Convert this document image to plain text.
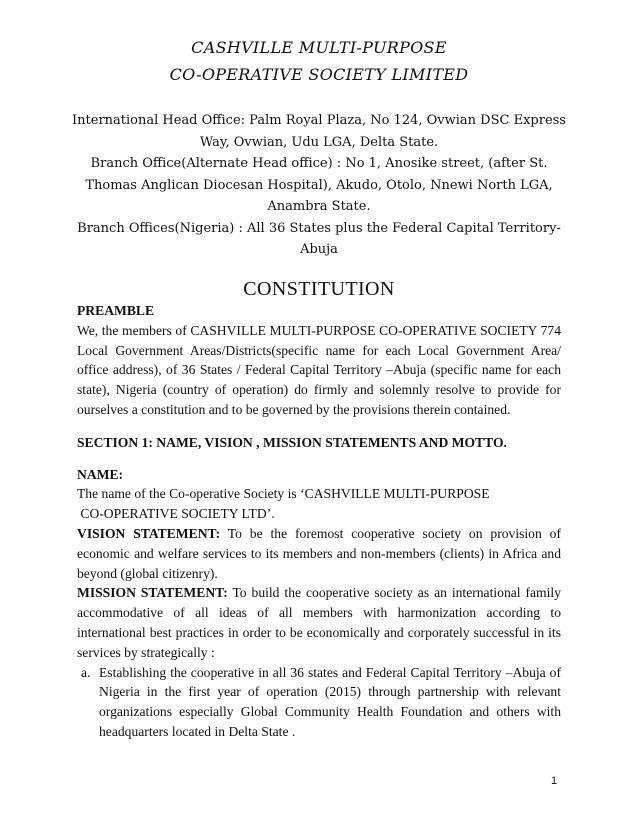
CASHVILLE MULTI-PURPOSE
CO-OPERATIVE SOCIETY LIMITED

International Head Office: Palm Royal Plaza, No 124, Ovwian DSC Express Way, Ovwian, Udu LGA, Delta State.

Branch Office(Alternate Head office) : No 1, Anosike street, (after St. Thomas Anglican Diocesan Hospital), Akudo, Otolo, Nnewi North LGA, Anambra State.

Branch Offices(Nigeria) : All 36 States plus the Federal Capital Territory-Abuja

CONSTITUTION

PREAMBLE

We, the members of CASHVILLE MULTI-PURPOSE CO-OPERATIVE SOCIETY 774 Local Government Areas/Districts(specific name for each Local Government Area/ office address), of 36 States / Federal Capital Territory –Abuja (specific name for each state), Nigeria (country of operation) do firmly and solemnly resolve to provide for ourselves a constitution and to be governed by the provisions therein contained.

SECTION 1: NAME, VISION , MISSION STATEMENTS AND MOTTO.

NAME:

The name of the Co-operative Society is ‘CASHVILLE MULTI-PURPOSE

CO-OPERATIVE SOCIETY LTD’.

VISION STATEMENT: To be the foremost cooperative society on provision of economic and welfare services to its members and non-members (clients) in Africa and beyond (global citizenry).

MISSION STATEMENT: To build the cooperative society as an international family accommodative of all ideas of all members with harmonization according to international best practices in order to be economically and corporately successful in its services by strategically :

a. Establishing the cooperative in all 36 states and Federal Capital Territory –Abuja of Nigeria in the first year of operation (2015) through partnership with relevant organizations especially Global Community Health Foundation and others with headquarters located in Delta State .
1
